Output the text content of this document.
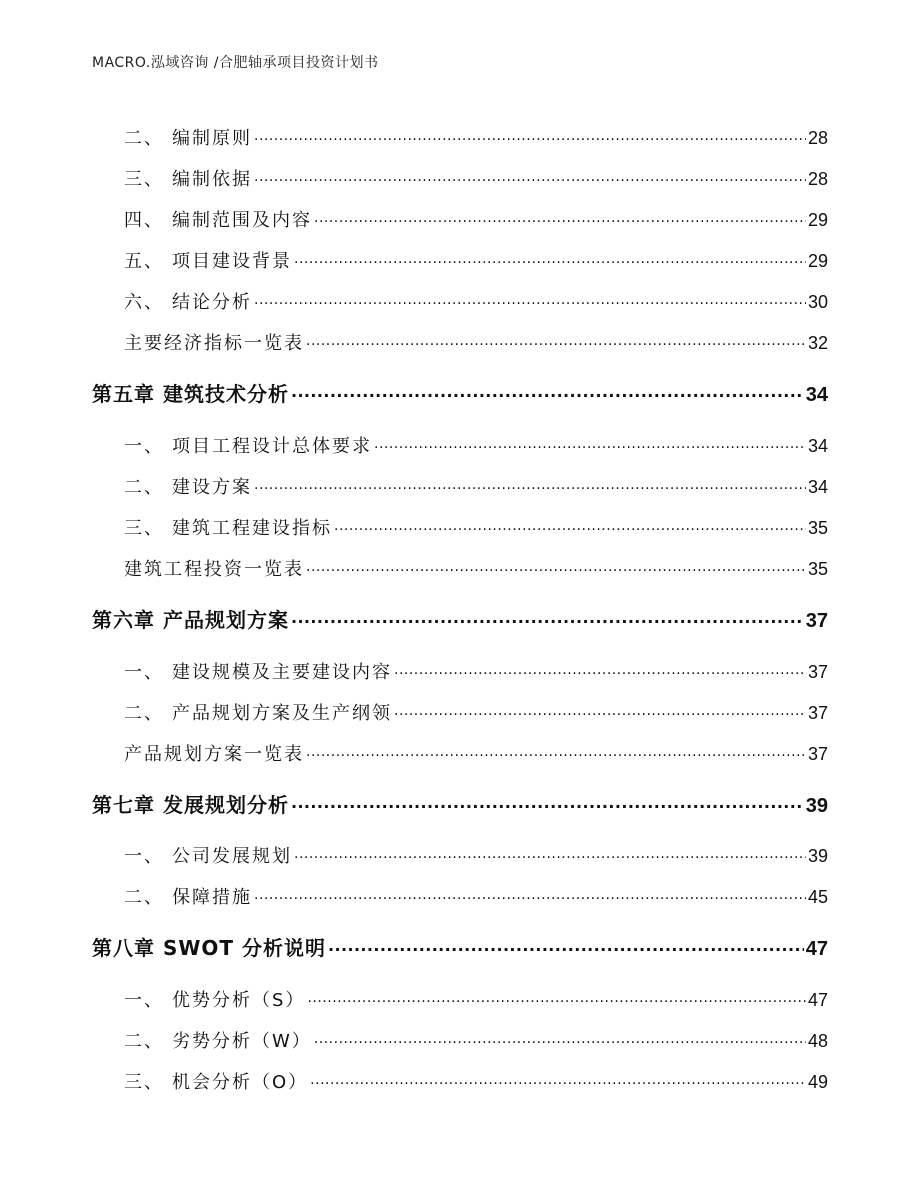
MACRO.泓域咨询 /合肥轴承项目投资计划书
二、 编制原则 .....	28
三、 编制依据 .....	28
四、 编制范围及内容 .....	29
五、 项目建设背景 .....	29
六、 结论分析 .....	30
主要经济指标一览表 .....	32
第五章 建筑技术分析 .....	34
一、 项目工程设计总体要求 .....	34
二、 建设方案 .....	34
三、 建筑工程建设指标 .....	35
建筑工程投资一览表 .....	35
第六章 产品规划方案 .....	37
一、 建设规模及主要建设内容 .....	37
二、 产品规划方案及生产纲领 .....	37
产品规划方案一览表 .....	37
第七章 发展规划分析 .....	39
一、 公司发展规划 .....	39
二、 保障措施 .....	45
第八章 SWOT 分析说明 .....	47
一、 优势分析（S） .....	47
二、 劣势分析（W） .....	48
三、 机会分析（O） .....	49
